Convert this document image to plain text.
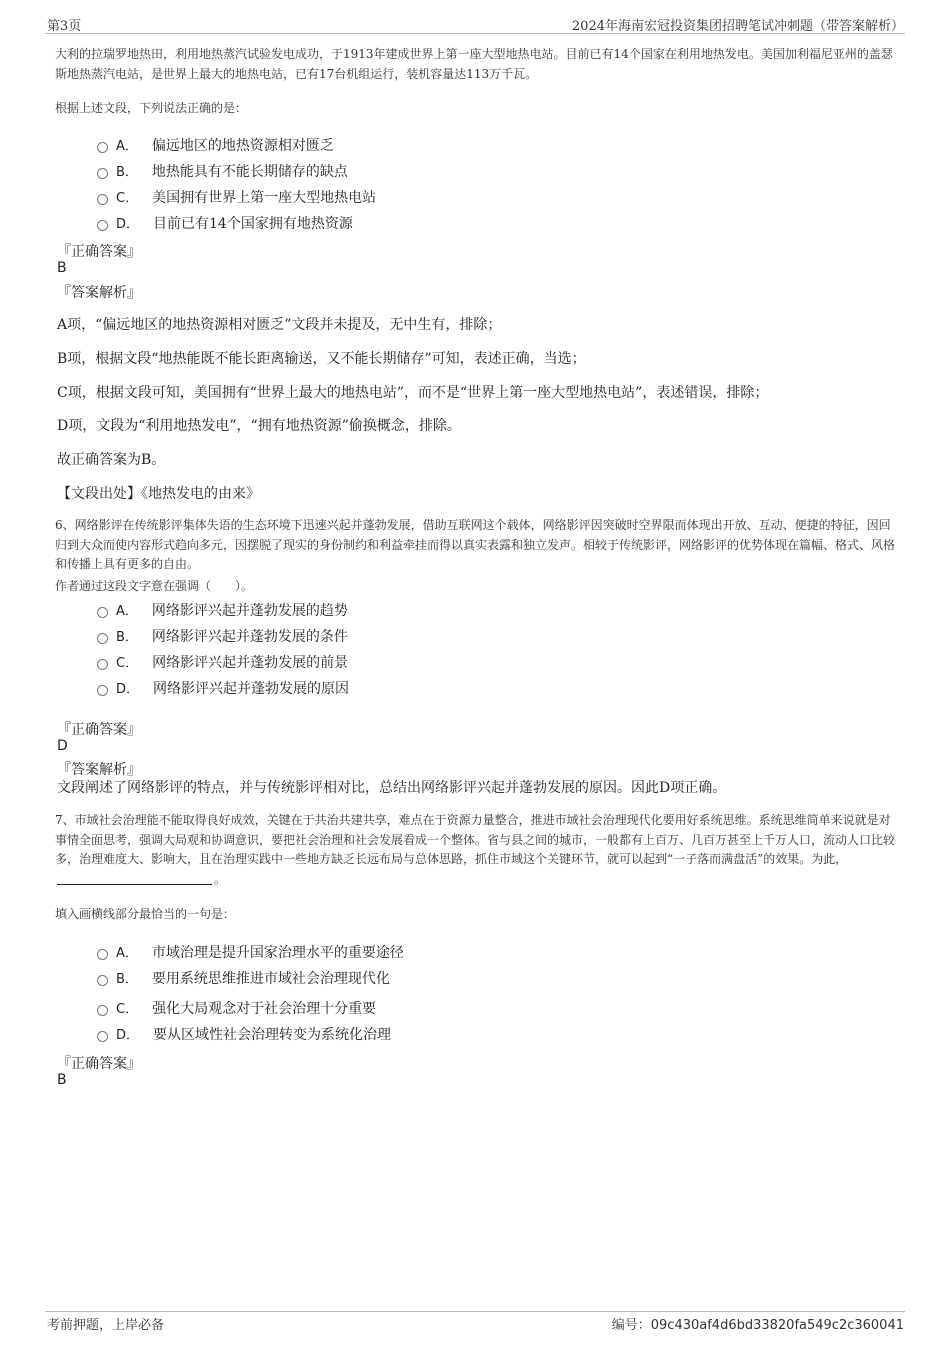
第3页	2024年海南宏冠投资集团招聘笔试冲刺题（带答案解析）
大利的拉瑞罗地热田，利用地热蒸汽试验发电成功，于1913年建成世界上第一座大型地热电站。目前已有14个国家在利用地热发电。美国加利福尼亚州的盖瑟斯地热蒸汽电站，是世界上最大的地热电站，已有17台机组运行，装机容量达113万千瓦。
根据上述文段，下列说法正确的是：
A． 偏远地区的地热资源相对匮乏
B． 地热能具有不能长期储存的缺点
C． 美国拥有世界上第一座大型地热电站
D． 目前已有14个国家拥有地热资源
『正确答案』
B
『答案解析』
A项，“偏远地区的地热资源相对匮乏”文段并未提及，无中生有，排除；
B项，根据文段“地热能既不能长距离输送，又不能长期储存”可知，表述正确，当选；
C项，根据文段可知，美国拥有“世界上最大的地热电站”，而不是“世界上第一座大型地热电站”，表述错误，排除；
D项，文段为“利用地热发电”，“拥有地热资源”偷换概念，排除。
故正确答案为B。
【文段出处】《地热发电的由来》
6、网络影评在传统影评集体失语的生态环境下迅速兴起并蓬勃发展，借助互联网这个载体，网络影评因突破时空界限而体现出开放、互动、便捷的特征，因回归到大众而使内容形式趋向多元，因摆脱了现实的身份制约和利益牵挂而得以真实表露和独立发声。相较于传统影评，网络影评的优势体现在篇幅、格式、风格和传播上具有更多的自由。
作者通过这段文字意在强调（　　）。
A． 网络影评兴起并蓬勃发展的趋势
B． 网络影评兴起并蓬勃发展的条件
C． 网络影评兴起并蓬勃发展的前景
D． 网络影评兴起并蓬勃发展的原因
『正确答案』
D
『答案解析』
文段阐述了网络影评的特点，并与传统影评相对比，总结出网络影评兴起并蓬勃发展的原因。因此D项正确。
7、市域社会治理能不能取得良好成效，关键在于共治共建共享，难点在于资源力量整合，推进市域社会治理现代化要用好系统思维。系统思维简单来说就是对事情全面思考，强调大局观和协调意识，要把社会治理和社会发展看成一个整体。省与县之间的城市，一般都有上百万、几百万甚至上千万人口，流动人口比较多，治理难度大、影响大，且在治理实践中一些地方缺乏长远布局与总体思路，抓住市域这个关键环节，就可以起到“一子落而满盘活”的效果。为此，。
填入画横线部分最恰当的一句是：
A． 市域治理是提升国家治理水平的重要途径
B． 要用系统思维推进市域社会治理现代化
C． 强化大局观念对于社会治理十分重要
D． 要从区域性社会治理转变为系统化治理
『正确答案』
B
考前押题，上岸必备	编号：09c430af4d6bd33820fa549c2c360041
